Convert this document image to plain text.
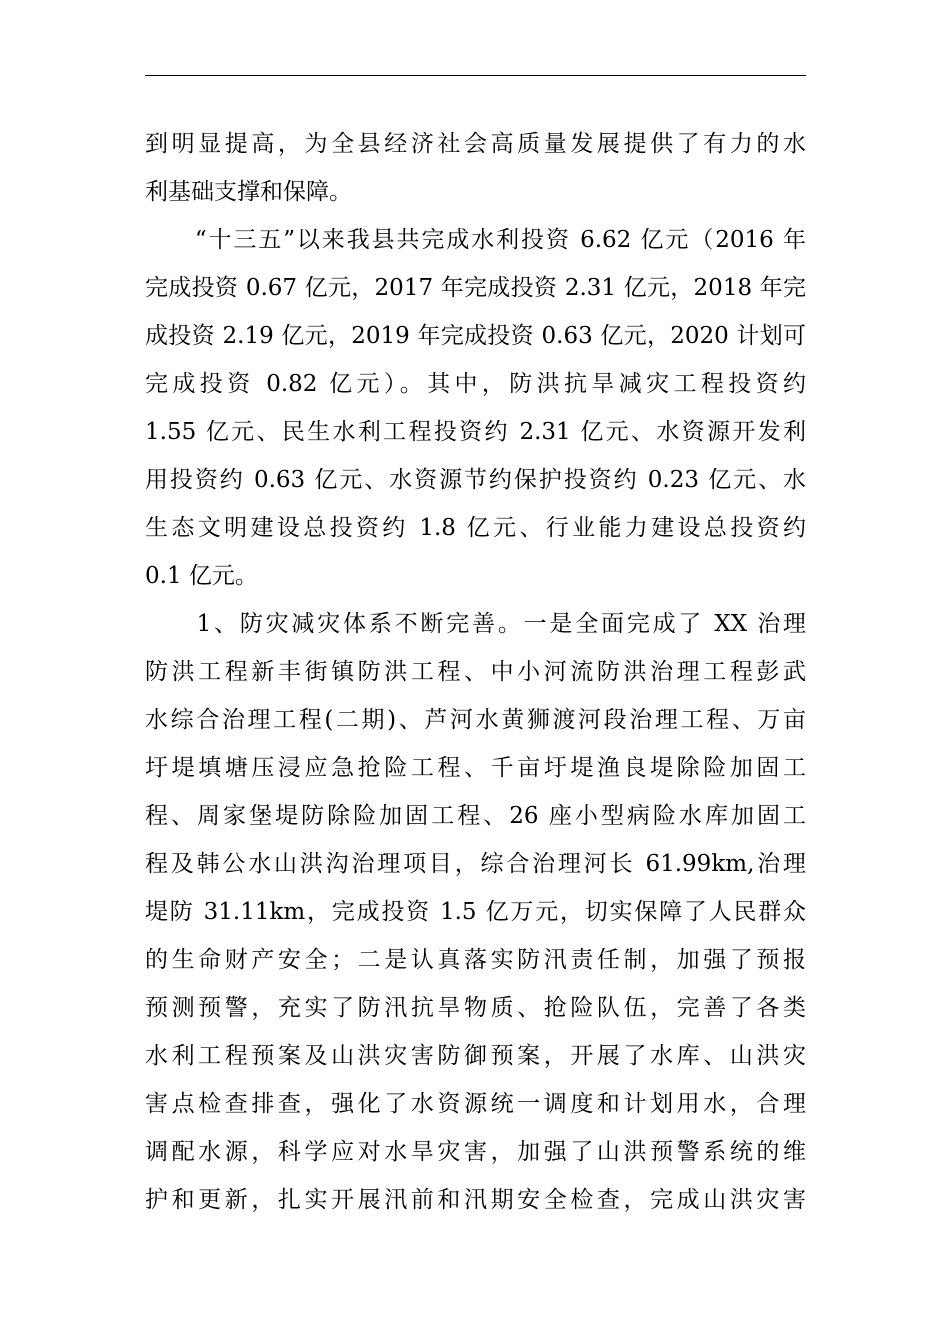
到明显提高，为全县经济社会高质量发展提供了有力的水
利基础支撑和保障。
　　“十三五”以来我县共完成水利投资 6.62 亿元（2016 年
完成投资 0.67 亿元，2017 年完成投资 2.31 亿元，2018 年完
成投资 2.19 亿元，2019 年完成投资 0.63 亿元，2020 计划可
完成投资 0.82 亿元）。其中，防洪抗旱减灾工程投资约
1.55 亿元、民生水利工程投资约 2.31 亿元、水资源开发利
用投资约 0.63 亿元、水资源节约保护投资约 0.23 亿元、水
生态文明建设总投资约 1.8 亿元、行业能力建设总投资约
0.1 亿元。
　　1、防灾减灾体系不断完善。一是全面完成了 XX 治理
防洪工程新丰街镇防洪工程、中小河流防洪治理工程彭武
水综合治理工程(二期)、芦河水黄狮渡河段治理工程、万亩
圩堤填塘压浸应急抢险工程、千亩圩堤渔良堤除险加固工
程、周家堡堤防除险加固工程、26 座小型病险水库加固工
程及韩公水山洪沟治理项目，综合治理河长 61.99km,治理
堤防 31.11km，完成投资 1.5 亿万元，切实保障了人民群众
的生命财产安全；二是认真落实防汛责任制，加强了预报
预测预警，充实了防汛抗旱物质、抢险队伍，完善了各类
水利工程预案及山洪灾害防御预案，开展了水库、山洪灾
害点检查排查，强化了水资源统一调度和计划用水，合理
调配水源，科学应对水旱灾害，加强了山洪预警系统的维
护和更新，扎实开展汛前和汛期安全检查，完成山洪灾害
